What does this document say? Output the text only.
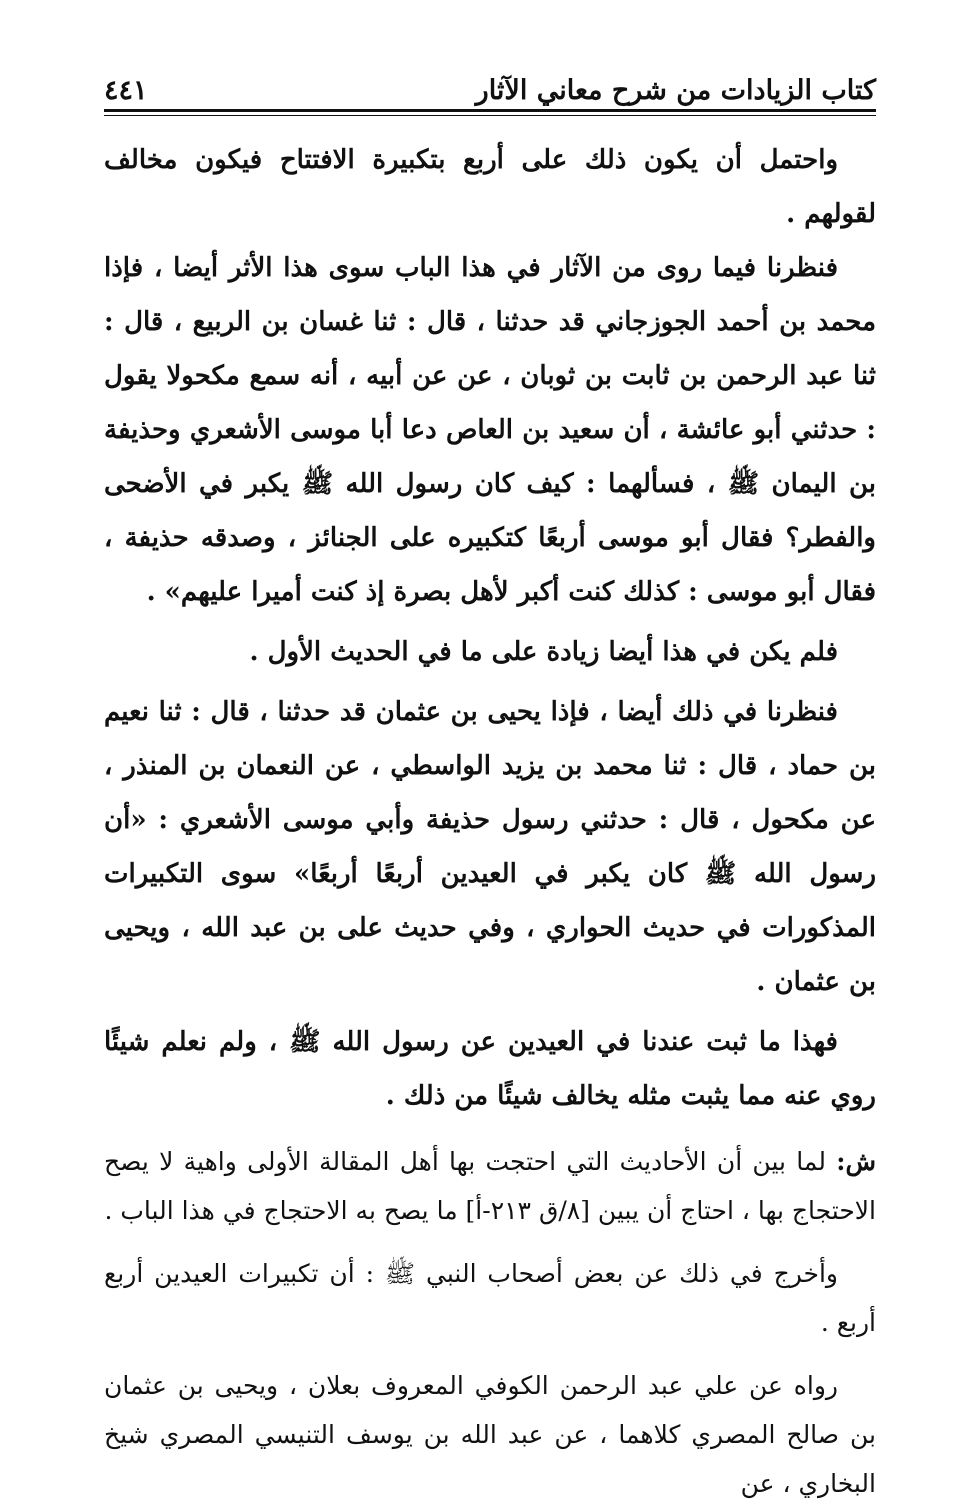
كتاب الزيادات من شرح معاني الآثار
٤٤١

واحتمل أن يكون ذلك على أربع بتكبيرة الافتتاح فيكون مخالف لقولهم .

فنظرنا فيما روى من الآثار في هذا الباب سوى هذا الأثر أيضا ، فإذا محمد بن أحمد الجوزجاني قد حدثنا ، قال : ثنا غسان بن الربيع ، قال : ثنا عبد الرحمن بن ثابت بن ثوبان ، عن عن أبيه ، أنه سمع مكحولا يقول : حدثني أبو عائشة ، أن سعيد بن العاص دعا أبا موسى الأشعري وحذيفة بن اليمان ﷺ ، فسألهما : كيف كان رسول الله ﷺ يكبر في الأضحى والفطر؟ فقال أبو موسى أربعًا كتكبيره على الجنائز ، وصدقه حذيفة ، فقال أبو موسى : كذلك كنت أكبر لأهل بصرة إذ كنت أميرا عليهم» .

فلم يكن في هذا أيضا زيادة على ما في الحديث الأول .

فنظرنا في ذلك أيضا ، فإذا يحيى بن عثمان قد حدثنا ، قال : ثنا نعيم بن حماد ، قال : ثنا محمد بن يزيد الواسطي ، عن النعمان بن المنذر ، عن مكحول ، قال : حدثني رسول حذيفة وأبي موسى الأشعري : «أن رسول الله ﷺ كان يكبر في العيدين أربعًا أربعًا» سوى التكبيرات المذكورات في حديث الحواري ، وفي حديث على بن عبد الله ، ويحيى بن عثمان .

فهذا ما ثبت عندنا في العيدين عن رسول الله ﷺ ، ولم نعلم شيئًا روي عنه مما يثبت مثله يخالف شيئًا من ذلك .

ش: لما بين أن الأحاديث التي احتجت بها أهل المقالة الأولى واهية لا يصح الاحتجاج بها ، احتاج أن يبين [٨/ق ٢١٣-أ] ما يصح به الاحتجاج في هذا الباب .

وأخرج في ذلك عن بعض أصحاب النبي ﷺ : أن تكبيرات العيدين أربع أربع .

رواه عن علي عبد الرحمن الكوفي المعروف بعلان ، ويحيى بن عثمان بن صالح المصري كلاهما ، عن عبد الله بن يوسف التنيسي المصري شيخ البخاري ، عن
